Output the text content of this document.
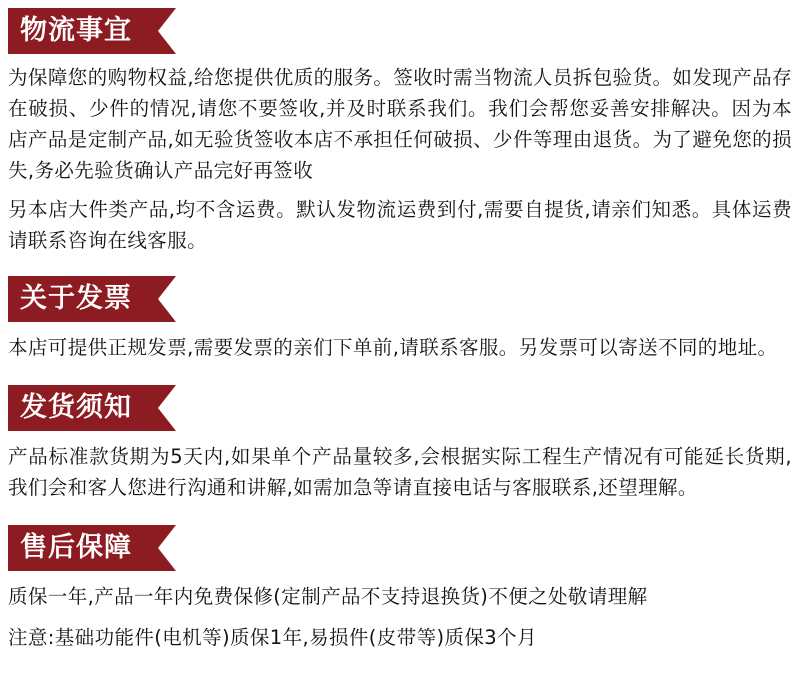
物流事宜
为保障您的购物权益,给您提供优质的服务。签收时需当物流人员拆包验货。如发现产品存在破损、少件的情况,请您不要签收,并及时联系我们。我们会帮您妥善安排解决。因为本店产品是定制产品,如无验货签收本店不承担任何破损、少件等理由退货。为了避免您的损失,务必先验货确认产品完好再签收
另本店大件类产品,均不含运费。默认发物流运费到付,需要自提货,请亲们知悉。具体运费请联系咨询在线客服。
关于发票
本店可提供正规发票,需要发票的亲们下单前,请联系客服。另发票可以寄送不同的地址。
发货须知
产品标准款货期为5天内,如果单个产品量较多,会根据实际工程生产情况有可能延长货期,我们会和客人您进行沟通和讲解,如需加急等请直接电话与客服联系,还望理解。
售后保障
质保一年,产品一年内免费保修(定制产品不支持退换货)不便之处敬请理解
注意:基础功能件(电机等)质保1年,易损件(皮带等)质保3个月
